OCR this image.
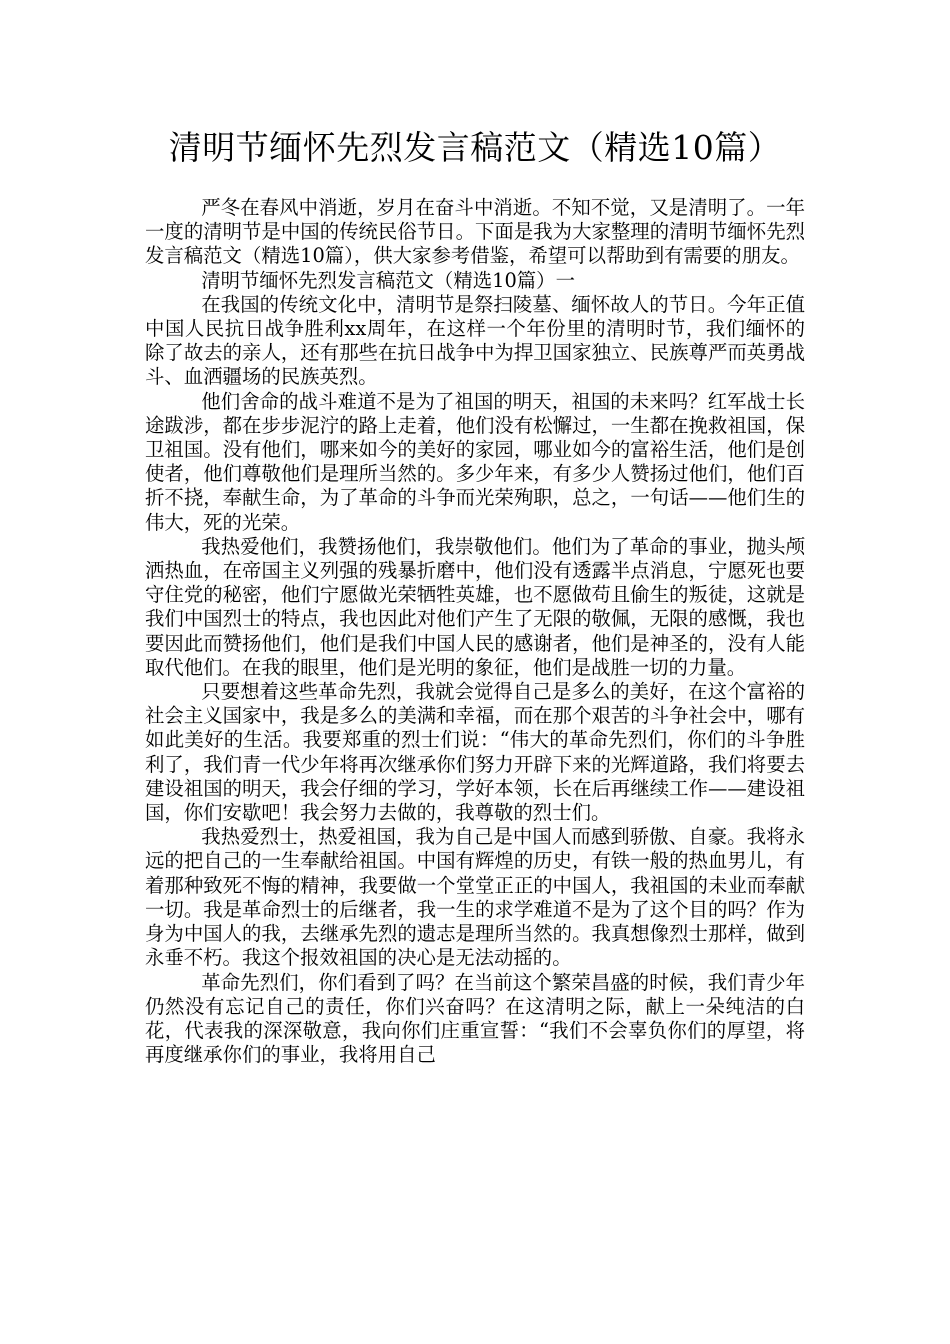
清明节缅怀先烈发言稿范文（精选10篇）

严冬在春风中消逝，岁月在奋斗中消逝。不知不觉，又是清明了。一年一度的清明节是中国的传统民俗节日。下面是我为大家整理的清明节缅怀先烈发言稿范文（精选10篇），供大家参考借鉴，希望可以帮助到有需要的朋友。

清明节缅怀先烈发言稿范文（精选10篇）一

在我国的传统文化中，清明节是祭扫陵墓、缅怀故人的节日。今年正值中国人民抗日战争胜利xx周年，在这样一个年份里的清明时节，我们缅怀的除了故去的亲人，还有那些在抗日战争中为捍卫国家独立、民族尊严而英勇战斗、血洒疆场的民族英烈。

他们舍命的战斗难道不是为了祖国的明天，祖国的未来吗？红军战士长途跋涉，都在步步泥泞的路上走着，他们没有松懈过，一生都在挽救祖国，保卫祖国。没有他们，哪来如今的美好的家园，哪业如今的富裕生活，他们是创使者，他们尊敬他们是理所当然的。多少年来，有多少人赞扬过他们，他们百折不挠，奉献生命，为了革命的斗争而光荣殉职，总之，一句话——他们生的伟大，死的光荣。

我热爱他们，我赞扬他们，我崇敬他们。他们为了革命的事业，抛头颅洒热血，在帝国主义列强的残暴折磨中，他们没有透露半点消息，宁愿死也要守住党的秘密，他们宁愿做光荣牺牲英雄，也不愿做苟且偷生的叛徒，这就是我们中国烈士的特点，我也因此对他们产生了无限的敬佩，无限的感慨，我也要因此而赞扬他们，他们是我们中国人民的感谢者，他们是神圣的，没有人能取代他们。在我的眼里，他们是光明的象征，他们是战胜一切的力量。

只要想着这些革命先烈，我就会觉得自己是多么的美好，在这个富裕的社会主义国家中，我是多么的美满和幸福，而在那个艰苦的斗争社会中，哪有如此美好的生活。我要郑重的烈士们说：“伟大的革命先烈们，你们的斗争胜利了，我们青一代少年将再次继承你们努力开辟下来的光辉道路，我们将要去建设祖国的明天，我会仔细的学习，学好本领，长在后再继续工作——建设祖国，你们安歇吧！我会努力去做的，我尊敬的烈士们。

我热爱烈士，热爱祖国，我为自己是中国人而感到骄傲、自豪。我将永远的把自己的一生奉献给祖国。中国有辉煌的历史，有铁一般的热血男儿，有着那种致死不悔的精神，我要做一个堂堂正正的中国人，我祖国的未业而奉献一切。我是革命烈士的后继者，我一生的求学难道不是为了这个目的吗？作为身为中国人的我，去继承先烈的遗志是理所当然的。我真想像烈士那样，做到永垂不朽。我这个报效祖国的决心是无法动摇的。

革命先烈们，你们看到了吗？在当前这个繁荣昌盛的时候，我们青少年仍然没有忘记自己的责任，你们兴奋吗？在这清明之际，献上一朵纯洁的白花，代表我的深深敬意，我向你们庄重宣誓：“我们不会辜负你们的厚望，将再度继承你们的事业，我将用自己
